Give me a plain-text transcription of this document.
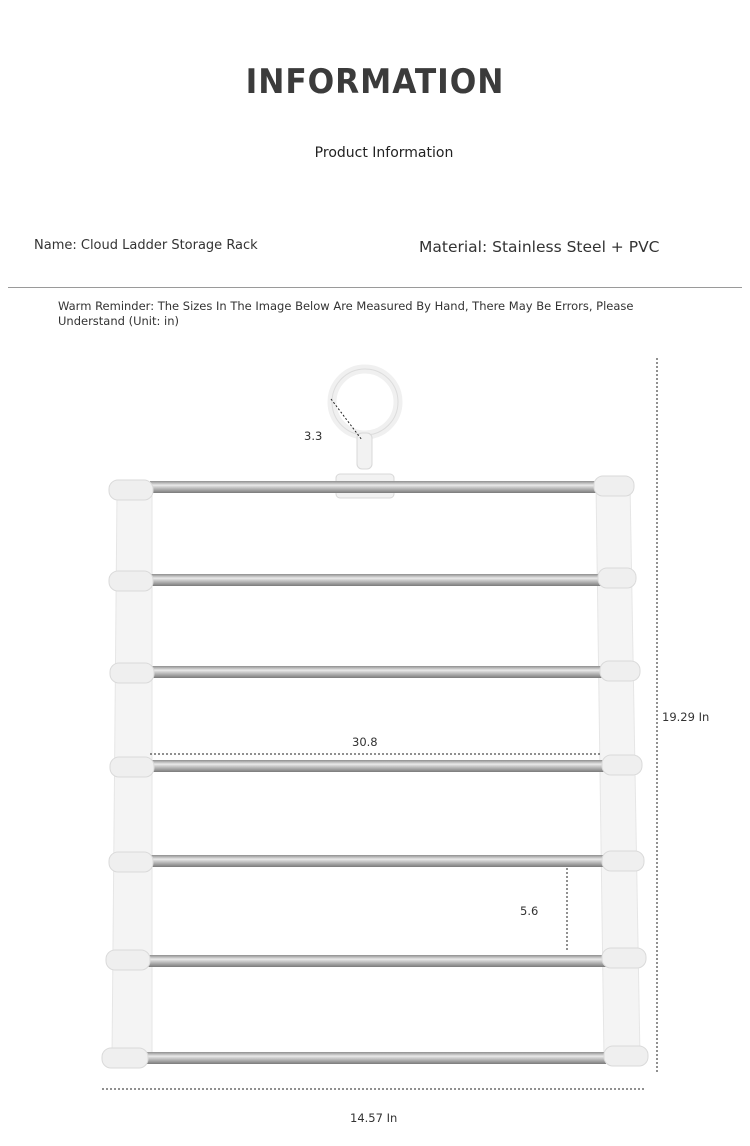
INFORMATION
Product Information
Name: Cloud Ladder Storage Rack	Material: Stainless Steel + PVC
Warm Reminder: The Sizes In The Image Below Are Measured By Hand, There May Be Errors, Please Understand (Unit: in)
3.3
30.8
19.29 In
5.6
14.57 In
